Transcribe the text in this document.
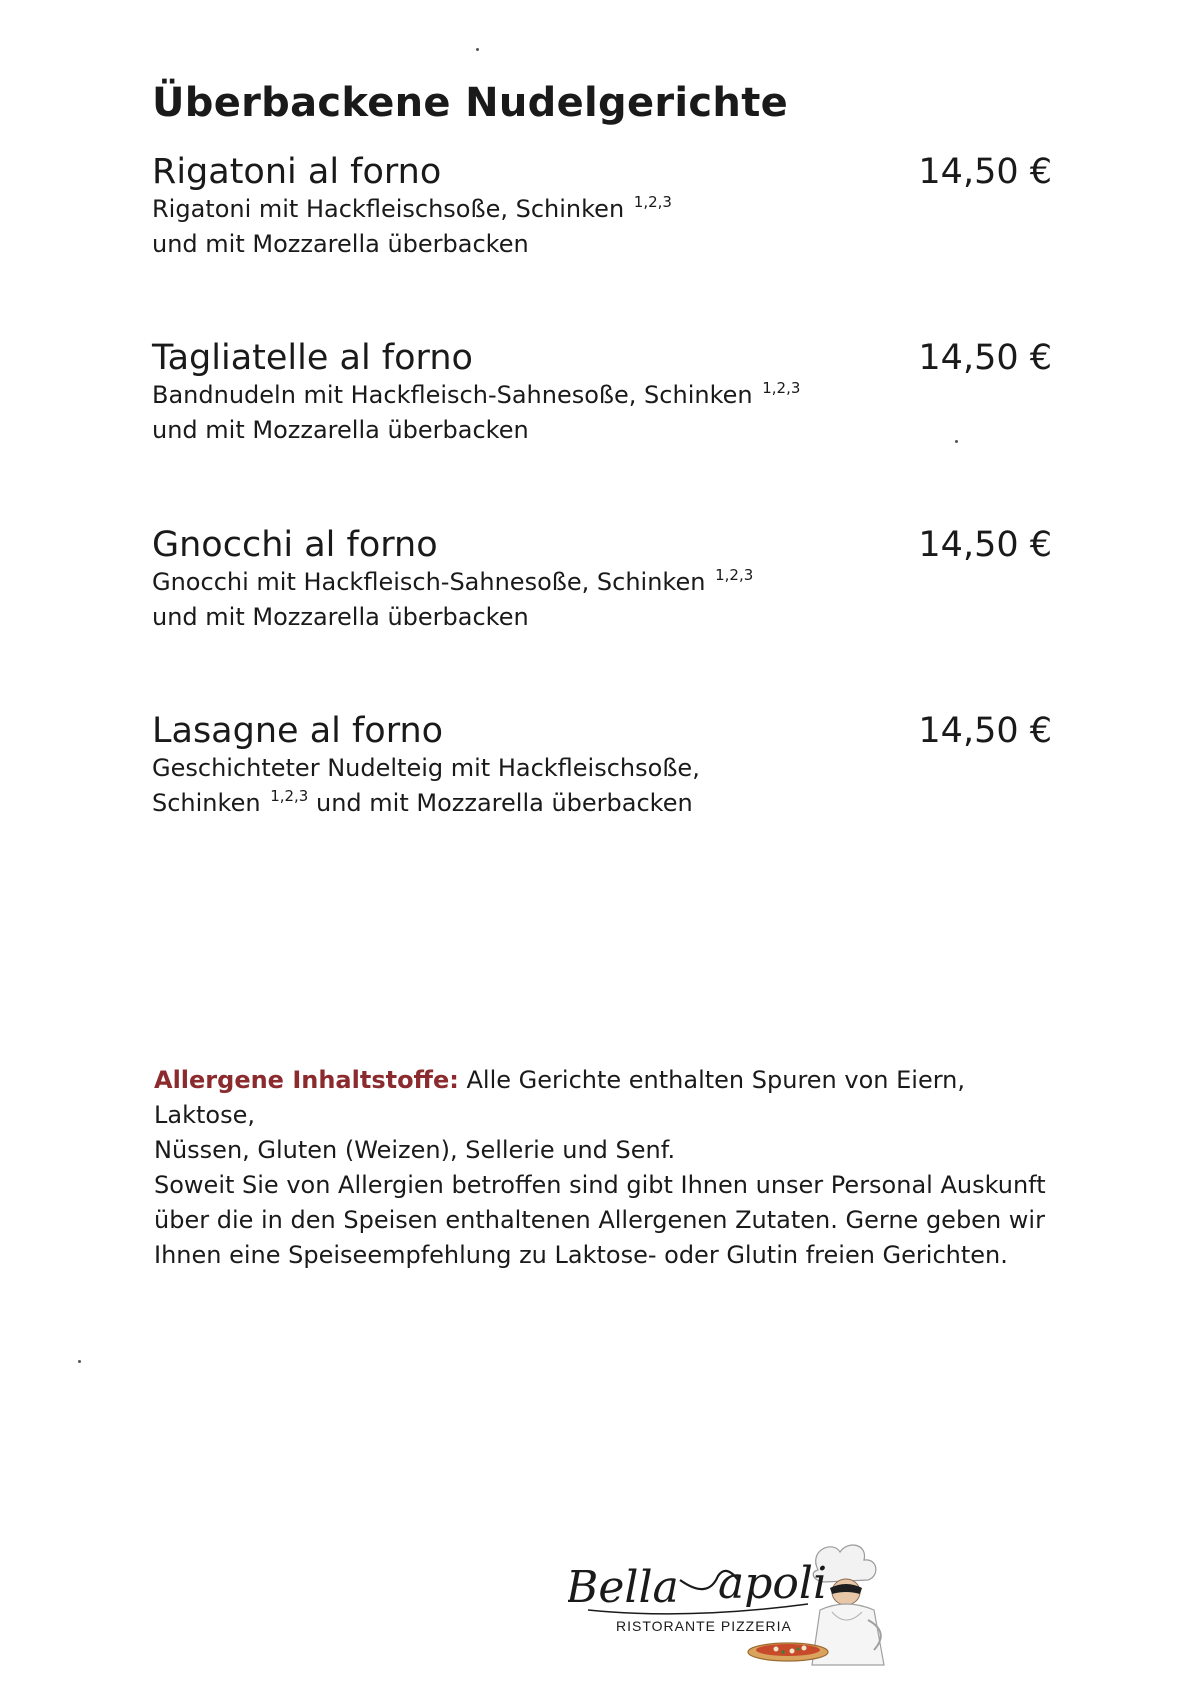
Überbackene Nudelgerichte
Rigatoni al forno	14,50 €
Rigatoni mit Hackfleischsoße, Schinken $^{1,2,3}$
und mit Mozzarella überbacken
Tagliatelle al forno	14,50 €
Bandnudeln mit Hackfleisch-Sahnesoße, Schinken $^{1,2,3}$
und mit Mozzarella überbacken
Gnocchi al forno	14,50 €
Gnocchi mit Hackfleisch-Sahnesoße, Schinken $^{1,2,3}$
und mit Mozzarella überbacken
Lasagne al forno	14,50 €
Geschichteter Nudelteig mit Hackfleischsoße,
Schinken $^{1,2,3}$ und mit Mozzarella überbacken
Allergene Inhaltstoffe: Alle Gerichte enthalten Spuren von Eiern, Laktose,
Nüssen, Gluten (Weizen), Sellerie und Senf.
Soweit Sie von Allergien betroffen sind gibt Ihnen unser Personal Auskunft
über die in den Speisen enthaltenen Allergenen Zutaten. Gerne geben wir
Ihnen eine Speiseempfehlung zu Laktose- oder Glutin freien Gerichten.
Bella apoli
RISTORANTE PIZZERIA
